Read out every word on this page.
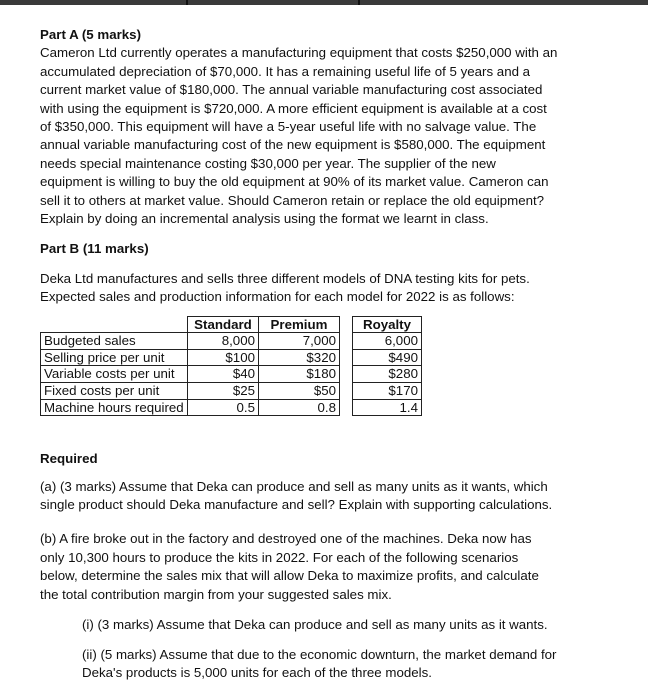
Part A (5 marks)

Cameron Ltd currently operates a manufacturing equipment that costs $250,000 with an

accumulated depreciation of $70,000. It has a remaining useful life of 5 years and a

current market value of $180,000. The annual variable manufacturing cost associated

with using the equipment is $720,000. A more efficient equipment is available at a cost

of $350,000. This equipment will have a 5-year useful life with no salvage value. The

annual variable manufacturing cost of the new equipment is $580,000. The equipment

needs special maintenance costing $30,000 per year. The supplier of the new

equipment is willing to buy the old equipment at 90% of its market value. Cameron can

sell it to others at market value. Should Cameron retain or replace the old equipment?

Explain by doing an incremental analysis using the format we learnt in class.

Part B (11 marks)

Deka Ltd manufactures and sells three different models of DNA testing kits for pets.

Expected sales and production information for each model for 2022 is as follows:

	Standard	Premium		Royalty
Budgeted sales	8,000	7,000		6,000
Selling price per unit	$100	$320		$490
Variable costs per unit	$40	$180		$280
Fixed costs per unit	$25	$50		$170
Machine hours required	0.5	0.8		1.4

Required

(a) (3 marks) Assume that Deka can produce and sell as many units as it wants, which

single product should Deka manufacture and sell? Explain with supporting calculations.

(b) A fire broke out in the factory and destroyed one of the machines. Deka now has

only 10,300 hours to produce the kits in 2022. For each of the following scenarios

below, determine the sales mix that will allow Deka to maximize profits, and calculate

the total contribution margin from your suggested sales mix.

(i) (3 marks) Assume that Deka can produce and sell as many units as it wants.

(ii) (5 marks) Assume that due to the economic downturn, the market demand for

Deka's products is 5,000 units for each of the three models.
